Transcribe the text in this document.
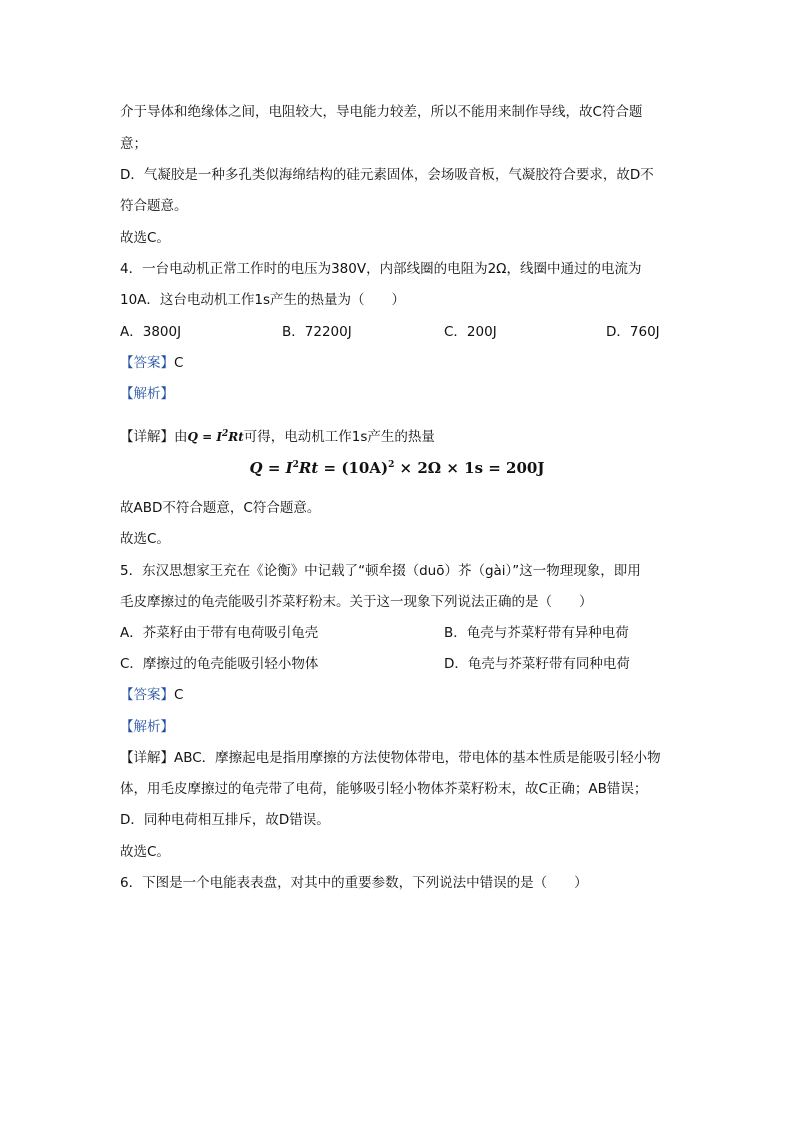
介于导体和绝缘体之间，电阻较大，导电能力较差，所以不能用来制作导线，故C符合题
意；
D．气凝胶是一种多孔类似海绵结构的硅元素固体，会场吸音板，气凝胶符合要求，故D不
符合题意。
故选C。
4．一台电动机正常工作时的电压为380V，内部线圈的电阻为2Ω，线圈中通过的电流为
10A．这台电动机工作1s产生的热量为（　　）
A．3800J	B．72200J	C．200J	D．760J
【答案】C
【解析】
【详解】由$Q = I^2Rt$可得，电动机工作1s产生的热量
$Q = I^2Rt = (10A)^2 \times 2\Omega \times 1s = 200J$
故ABD不符合题意，C符合题意。
故选C。
5．东汉思想家王充在《论衡》中记载了“顿牟掇（duō）芥（gài）”这一物理现象，即用
毛皮摩擦过的龟壳能吸引芥菜籽粉末。关于这一现象下列说法正确的是（　　）
A．芥菜籽由于带有电荷吸引龟壳	B．龟壳与芥菜籽带有异种电荷
C．摩擦过的龟壳能吸引轻小物体	D．龟壳与芥菜籽带有同种电荷
【答案】C
【解析】
【详解】ABC．摩擦起电是指用摩擦的方法使物体带电，带电体的基本性质是能吸引轻小物
体，用毛皮摩擦过的龟壳带了电荷，能够吸引轻小物体芥菜籽粉末，故C正确；AB错误；
D．同种电荷相互排斥，故D错误。
故选C。
6．下图是一个电能表表盘，对其中的重要参数，下列说法中错误的是（　　）
